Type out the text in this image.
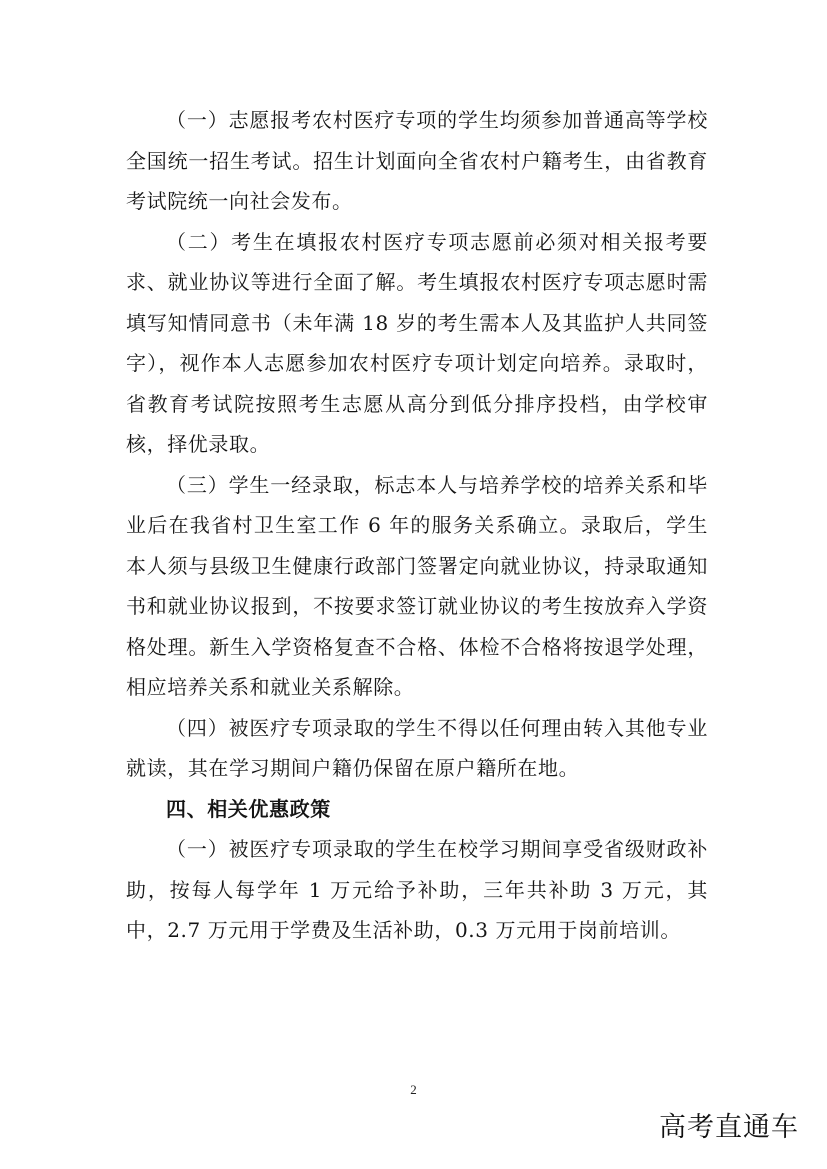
（一）志愿报考农村医疗专项的学生均须参加普通高等学校全国统一招生考试。招生计划面向全省农村户籍考生，由省教育考试院统一向社会发布。

（二）考生在填报农村医疗专项志愿前必须对相关报考要求、就业协议等进行全面了解。考生填报农村医疗专项志愿时需填写知情同意书（未年满 18 岁的考生需本人及其监护人共同签字），视作本人志愿参加农村医疗专项计划定向培养。录取时，省教育考试院按照考生志愿从高分到低分排序投档，由学校审核，择优录取。

（三）学生一经录取，标志本人与培养学校的培养关系和毕业后在我省村卫生室工作 6 年的服务关系确立。录取后，学生本人须与县级卫生健康行政部门签署定向就业协议，持录取通知书和就业协议报到，不按要求签订就业协议的考生按放弃入学资格处理。新生入学资格复查不合格、体检不合格将按退学处理，相应培养关系和就业关系解除。

（四）被医疗专项录取的学生不得以任何理由转入其他专业就读，其在学习期间户籍仍保留在原户籍所在地。

四、相关优惠政策

（一）被医疗专项录取的学生在校学习期间享受省级财政补助，按每人每学年 1 万元给予补助，三年共补助 3 万元，其中，2.7 万元用于学费及生活补助，0.3 万元用于岗前培训。

2
高考直通车
